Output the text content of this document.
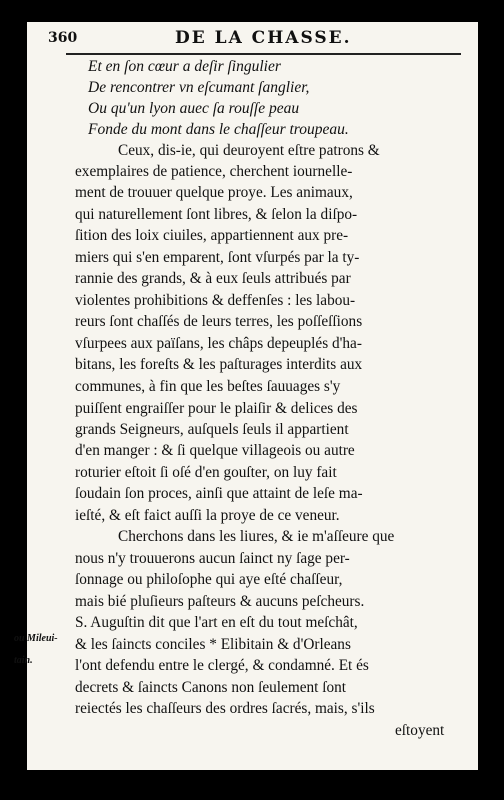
360	DE LA CHASSE.
Et en ſon cœur a deſir ſingulier
De rencontrer vn eſcumant ſanglier,
Ou qu'un lyon auec ſa rouſſe peau
Fonde du mont dans le chaſſeur troupeau.
Ceux, dis-ie, qui deuroyent eſtre patrons &
exemplaires de patience, cherchent iournelle-
ment de trouuer quelque proye. Les animaux,
qui naturellement ſont libres, & ſelon la diſpo-
ſition des loix ciuiles, appartiennent aux pre-
miers qui s'en emparent, ſont vſurpés par la ty-
rannie des grands, & à eux ſeuls attribués par
violentes prohibitions & deffenſes : les labou-
reurs ſont chaſſés de leurs terres, les poſſeſſions
vſurpees aux païſans, les châps depeuplés d'ha-
bitans, les foreſts & les paſturages interdits aux
communes, à fin que les beſtes ſauuages s'y
puiſſent engraiſſer pour le plaiſir & delices des
grands Seigneurs, auſquels ſeuls il appartient
d'en manger : & ſi quelque villageois ou autre
roturier eſtoit ſi oſé d'en gouſter, on luy fait
ſoudain ſon proces, ainſi que attaint de leſe ma-
ieſté, & eſt faict auſſi la proye de ce veneur.
Cherchons dans les liures, & ie m'aſſeure que
nous n'y trouuerons aucun ſainct ny ſage per-
ſonnage ou philoſophe qui aye eſté chaſſeur,
mais bié pluſieurs paſteurs & aucuns peſcheurs.
S. Auguſtin dit que l'art en eſt du tout meſchât,
& les ſaincts conciles * Elibitain & d'Orleans
l'ont defendu entre le clergé, & condamné. Et és
decrets & ſaincts Canons non ſeulement ſont
reiectés les chaſſeurs des ordres ſacrés, mais, s'ils
eſtoyent
ou Mileui-
tain.
